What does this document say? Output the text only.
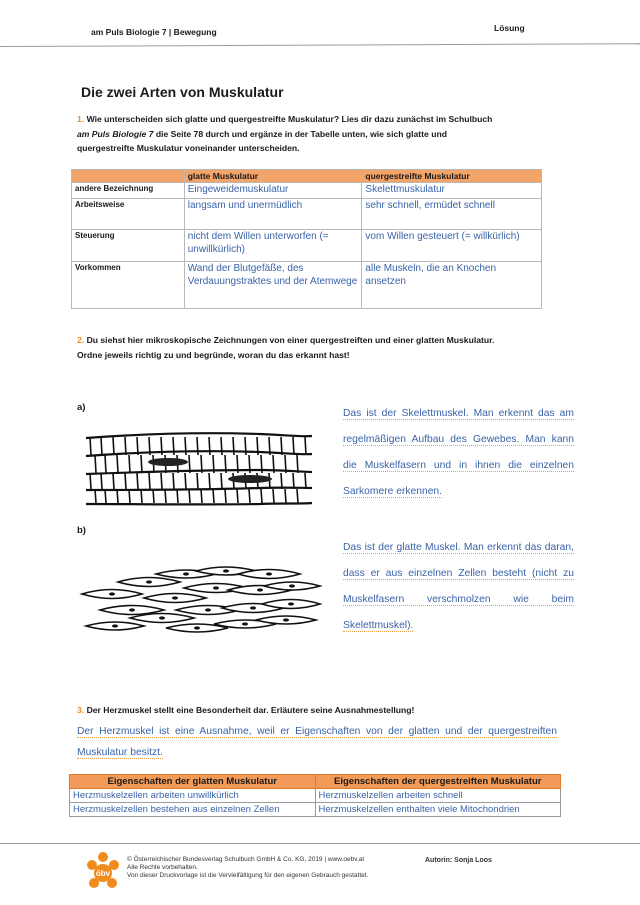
am Puls Biologie 7 | Bewegung	Lösung
Die zwei Arten von Muskulatur
1. Wie unterscheiden sich glatte und quergestreifte Muskulatur? Lies dir dazu zunächst im Schulbuch
am Puls Biologie 7 die Seite 78 durch und ergänze in der Tabelle unten, wie sich glatte und
quergestreifte Muskulatur voneinander unterscheiden.
	glatte Muskulatur	quergestreifte Muskulatur
andere Bezeichnung	Eingeweidemuskulatur	Skelettmuskulatur
Arbeitsweise	langsam und unermüdlich	sehr schnell, ermüdet schnell
Steuerung	nicht dem Willen unterworfen (= unwillkürlich)	vom Willen gesteuert (= willkürlich)
Vorkommen	Wand der Blutgefäße, des Verdauungstraktes und der Atemwege	alle Muskeln, die an Knochen ansetzen
2. Du siehst hier mikroskopische Zeichnungen von einer quergestreiften und einer glatten Muskulatur.
Ordne jeweils richtig zu und begründe, woran du das erkannt hast!
a)
Das ist der Skelettmuskel. Man erkennt das am regelmäßigen Aufbau des Gewebes. Man kann die Muskelfasern und in ihnen die einzelnen Sarkomere erkennen.
b)
Das ist der glatte Muskel. Man erkennt das daran, dass er aus einzelnen Zellen besteht (nicht zu Muskelfasern verschmolzen wie beim Skelettmuskel).
3. Der Herzmuskel stellt eine Besonderheit dar. Erläutere seine Ausnahmestellung!
Der Herzmuskel ist eine Ausnahme, weil er Eigenschaften von der glatten und der quergestreiften Muskulatur besitzt.
Eigenschaften der glatten Muskulatur	Eigenschaften der quergestreiften Muskulatur
Herzmuskelzellen arbeiten unwillkürlich	Herzmuskelzellen arbeiten schnell
Herzmuskelzellen bestehen aus einzelnen Zellen	Herzmuskelzellen enthalten viele Mitochondrien
öbv
© Österreichischer Bundesverlag Schulbuch GmbH & Co. KG, 2019 | www.oebv.at
Alle Rechte vorbehalten.
Von dieser Druckvorlage ist die Vervielfältigung für den eigenen Gebrauch gestattet.
Autorin: Sonja Loos
